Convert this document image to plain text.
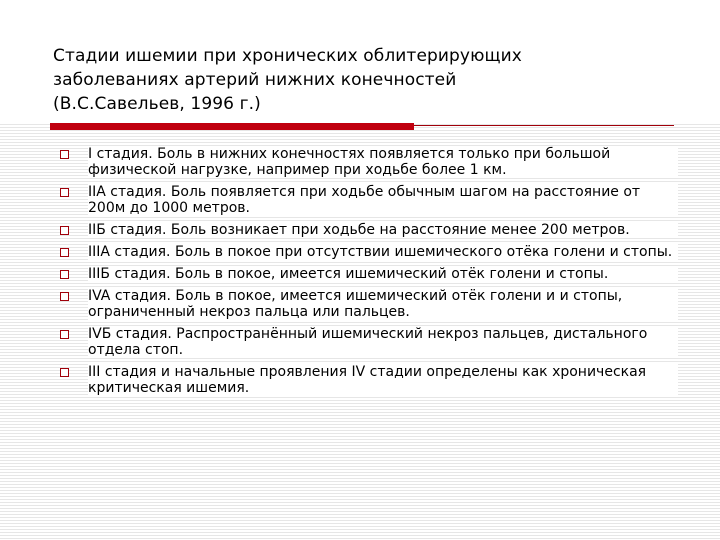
Стадии ишемии при хронических облитерирующих
заболеваниях артерий нижних конечностей
(В.С.Савельев, 1996 г.)
I стадия. Боль в нижних конечностях появляется только при большой физической нагрузке, например при ходьбе более 1 км.
IIA стадия. Боль появляется при ходьбе обычным шагом на расстояние от 200м до 1000 метров.
IIБ стадия. Боль возникает при ходьбе на расстояние менее 200 метров.
IIIA стадия. Боль в покое при отсутствии ишемического отёка голени и стопы.
IIIБ стадия. Боль в покое, имеется ишемический отёк голени и стопы.
IVA стадия. Боль в покое, имеется ишемический отёк голени и и стопы, ограниченный некроз пальца или пальцев.
IVБ стадия. Распространённый ишемический некроз пальцев, дистального отдела стоп.
III стадия и начальные проявления IV стадии определены как хроническая критическая ишемия.
